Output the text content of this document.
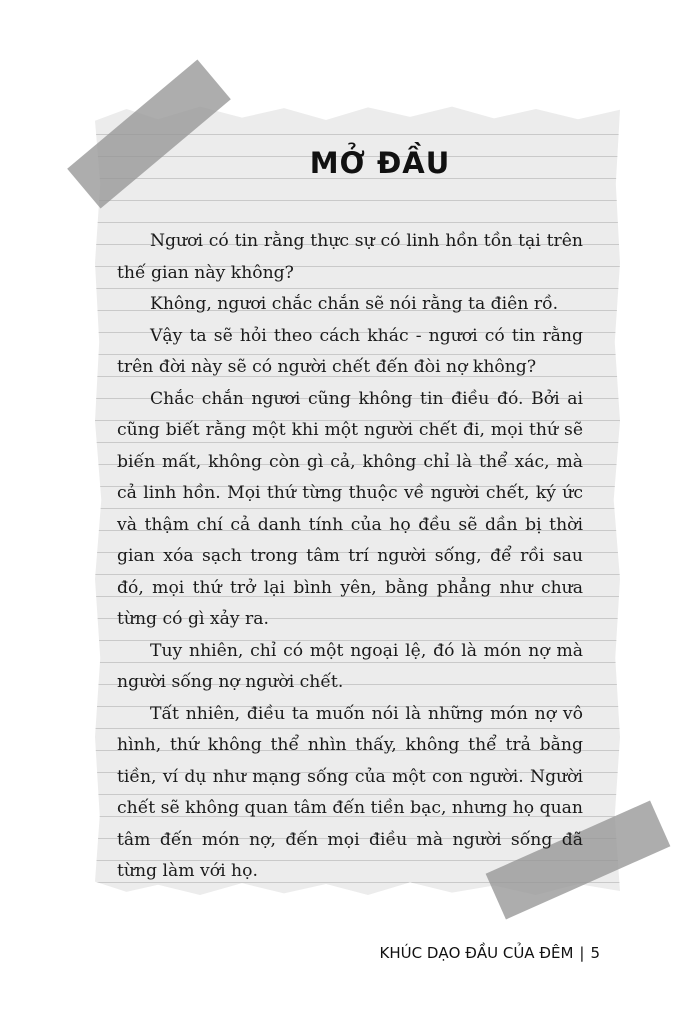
MỞ ĐẦU

Ngươi có tin rằng thực sự có linh hồn tồn tại trên thế gian này không?

Không, ngươi chắc chắn sẽ nói rằng ta điên rồ.

Vậy ta sẽ hỏi theo cách khác - ngươi có tin rằng trên đời này sẽ có người chết đến đòi nợ không?

Chắc chắn ngươi cũng không tin điều đó. Bởi ai cũng biết rằng một khi một người chết đi, mọi thứ sẽ biến mất, không còn gì cả, không chỉ là thể xác, mà cả linh hồn. Mọi thứ từng thuộc về người chết, ký ức và thậm chí cả danh tính của họ đều sẽ dần bị thời gian xóa sạch trong tâm trí người sống, để rồi sau đó, mọi thứ trở lại bình yên, bằng phẳng như chưa từng có gì xảy ra.

Tuy nhiên, chỉ có một ngoại lệ, đó là món nợ mà người sống nợ người chết.

Tất nhiên, điều ta muốn nói là những món nợ vô hình, thứ không thể nhìn thấy, không thể trả bằng tiền, ví dụ như mạng sống của một con người. Người chết sẽ không quan tâm đến tiền bạc, nhưng họ quan tâm đến món nợ, đến mọi điều mà người sống đã từng làm với họ.

KHÚC DẠO ĐẦU CỦA ĐÊM | 5
